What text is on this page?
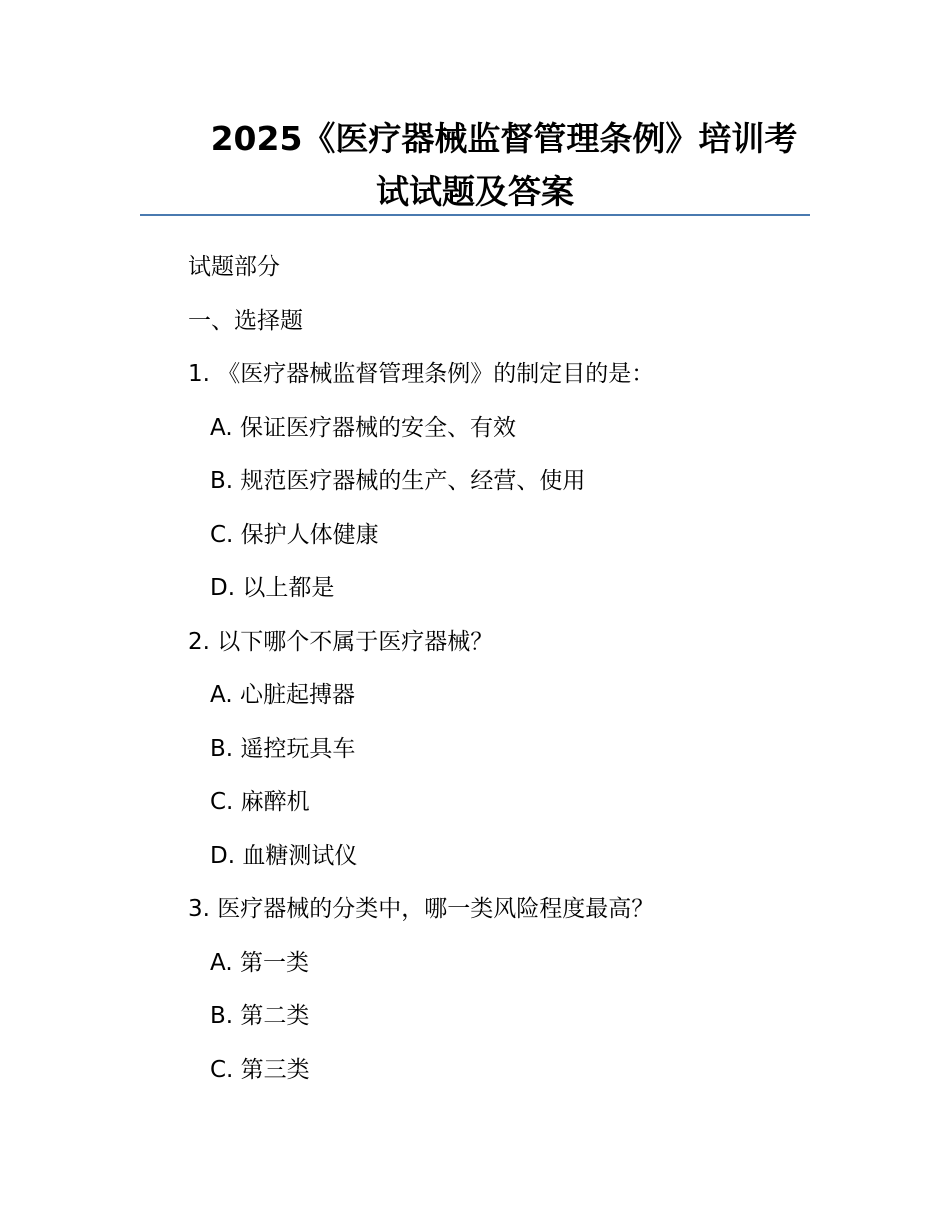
2025《医疗器械监督管理条例》培训考
试试题及答案
试题部分
一、选择题
1. 《医疗器械监督管理条例》的制定目的是：
A. 保证医疗器械的安全、有效
B. 规范医疗器械的生产、经营、使用
C. 保护人体健康
D. 以上都是
2. 以下哪个不属于医疗器械？
A. 心脏起搏器
B. 遥控玩具车
C. 麻醉机
D. 血糖测试仪
3. 医疗器械的分类中，哪一类风险程度最高？
A. 第一类
B. 第二类
C. 第三类
